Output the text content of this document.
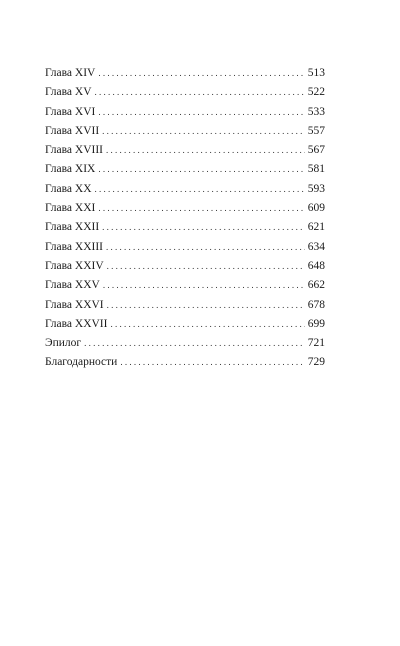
Глава XIV . . .	513
Глава XV . . .	522
Глава XVI . . .	533
Глава XVII . . .	557
Глава XVIII . . .	567
Глава XIX . . .	581
Глава XX . . .	593
Глава XXI . . .	609
Глава XXII . . .	621
Глава XXIII . . .	634
Глава XXIV . . .	648
Глава XXV . . .	662
Глава XXVI . . .	678
Глава XXVII . . .	699
Эпилог . . .	721
Благодарности . . .	729
